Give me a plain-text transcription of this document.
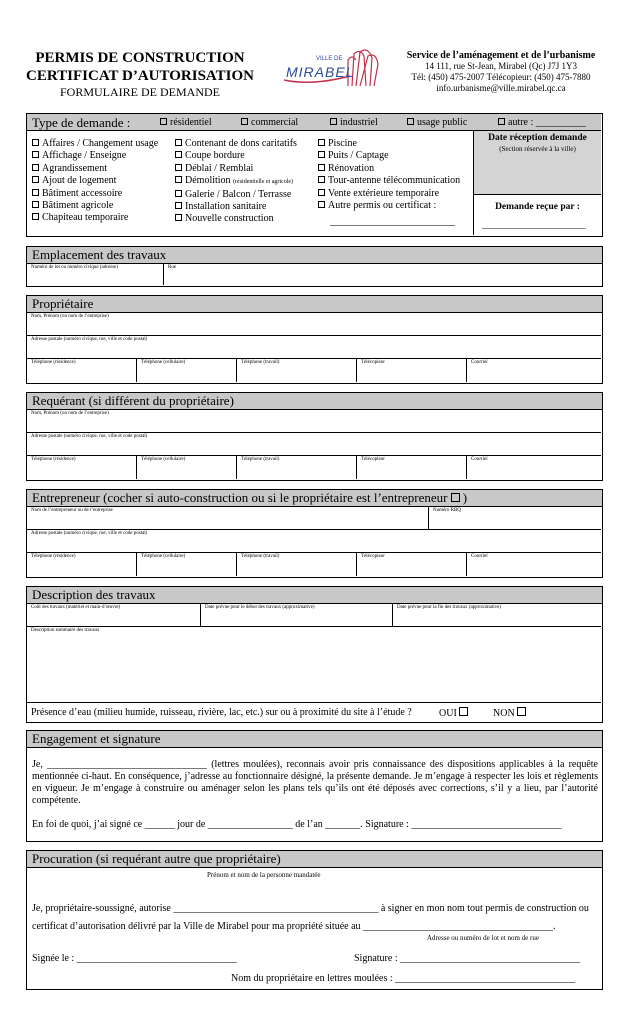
PERMIS DE CONSTRUCTION
CERTIFICAT D’AUTORISATION
FORMULAIRE DE DEMANDE
VILLE DE
MIRABEL
Service de l’aménagement et de l’urbanisme
14 111, rue St-Jean, Mirabel (Qc) J7J 1Y3
Tél: (450) 475-2007 Télécopieur: (450) 475-7880
info.urbanisme@ville.mirabel.qc.ca
Type de demande :	résidentiel	commercial	industriel	usage public	autre : __________
Affaires / Changement usage
Affichage / Enseigne
Agrandissement
Ajout de logement
Bâtiment accessoire
Bâtiment agricole
Chapiteau temporaire
Contenant de dons caritatifs
Coupe bordure
Déblai / Remblai
Démolition (résidentielle et agricole)
Galerie / Balcon / Terrasse
Installation sanitaire
Nouvelle construction
Piscine
Puits / Captage
Rénovation
Tour-antenne télécommunication
Vente extérieure temporaire
Autre permis ou certificat :
_________________________
Date réception demande
(Section réservée à la ville)
Demande reçue par :
_______________________
Emplacement des travaux
Numéro de lot ou numéro civique (adresse)	Rue
Propriétaire
Nom, Prénom (ou nom de l’entreprise)
Adresse postale (numéro civique, rue, ville et code postal)
Téléphone (résidence)	Téléphone (cellulaire)	Téléphone (travail)	Télécopieur	Courriel
Requérant (si différent du propriétaire)
Nom, Prénom (ou nom de l’entreprise)
Adresse postale (numéro civique, rue, ville et code postal)
Téléphone (résidence)	Téléphone (cellulaire)	Téléphone (travail)	Télécopieur	Courriel
Entrepreneur (cocher si auto-construction ou si le propriétaire est l’entrepreneur )
Nom de l’entrepreneur ou de l’entreprise	Numéro RBQ
Adresse postale (numéro civique, rue, ville et code postal)
Téléphone (résidence)	Téléphone (cellulaire)	Téléphone (travail)	Télécopieur	Courriel
Description des travaux
Coût des travaux (matériel et main-d’œuvre)	Date prévue pour le début des travaux (approximative)	Date prévue pour la fin des travaux (approximative)
Description sommaire des travaux
Présence d’eau (milieu humide, ruisseau, rivière, lac, etc.) sur ou à proximité du site à l’étude ?	OUI	NON
Engagement et signature
Je, ________________________________ (lettres moulées), reconnais avoir pris connaissance des dispositions applicables à la requête mentionnée ci-haut. En conséquence, j’adresse au fonctionnaire désigné, la présente demande. Je m’engage à respecter les lois et règlements en vigueur. Je m’engage à construire ou aménager selon les plans tels qu’ils ont été déposés avec corrections, s’il y a lieu, par l’autorité compétente.
En foi de quoi, j’ai signé ce ______ jour de _________________ de l’an _______. Signature : ______________________________
Procuration (si requérant autre que propriétaire)
Prénom et nom de la personne mandatée
Je, propriétaire-soussigné, autorise _________________________________________ à signer en mon nom tout permis de construction ou
certificat d’autorisation délivré par la Ville de Mirabel pour ma propriété située au ______________________________________.
Adresse ou numéro de lot et nom de rue
Signée le : ________________________________	Signature : ____________________________________
Nom du propriétaire en lettres moulées : ____________________________________
